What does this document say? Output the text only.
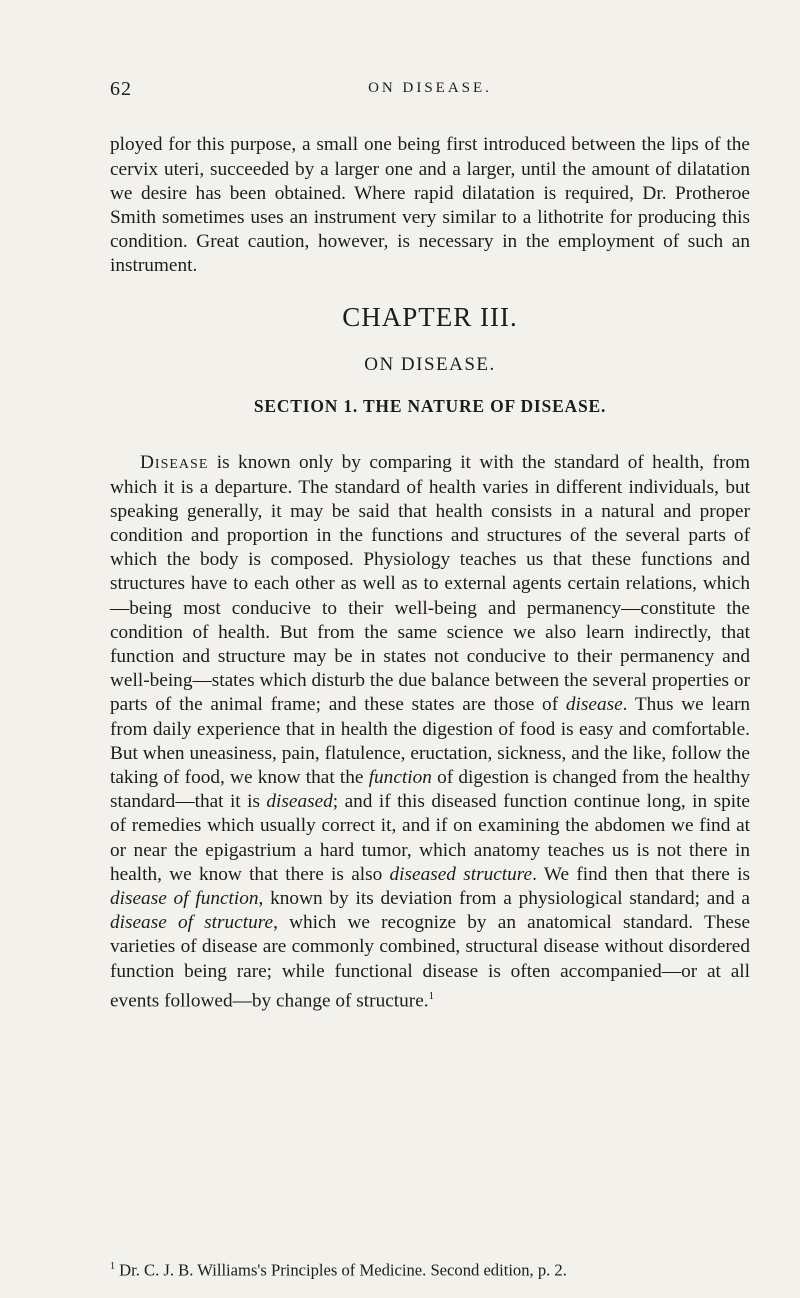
62	ON DISEASE.

ployed for this purpose, a small one being first introduced between the lips of the cervix uteri, succeeded by a larger one and a larger, until the amount of dilatation we desire has been obtained. Where rapid dilatation is required, Dr. Protheroe Smith sometimes uses an instrument very similar to a lithotrite for producing this condition. Great caution, however, is necessary in the employment of such an instrument.

CHAPTER III.
ON DISEASE.
SECTION 1. THE NATURE OF DISEASE.

Disease is known only by comparing it with the standard of health, from which it is a departure. The standard of health varies in different individuals, but speaking generally, it may be said that health consists in a natural and proper condition and proportion in the functions and structures of the several parts of which the body is composed. Physiology teaches us that these functions and structures have to each other as well as to external agents certain relations, which—being most conducive to their well-being and permanency—constitute the condition of health. But from the same science we also learn indirectly, that function and structure may be in states not conducive to their permanency and well-being—states which disturb the due balance between the several properties or parts of the animal frame; and these states are those of disease. Thus we learn from daily experience that in health the digestion of food is easy and comfortable. But when uneasiness, pain, flatulence, eructation, sickness, and the like, follow the taking of food, we know that the function of digestion is changed from the healthy standard—that it is diseased; and if this diseased function continue long, in spite of remedies which usually correct it, and if on examining the abdomen we find at or near the epigastrium a hard tumor, which anatomy teaches us is not there in health, we know that there is also diseased structure. We find then that there is disease of function, known by its deviation from a physiological standard; and a disease of structure, which we recognize by an anatomical standard. These varieties of disease are commonly combined, structural disease without disordered function being rare; while functional disease is often accompanied—or at all events followed—by change of structure.$^1$

$^1$ Dr. C. J. B. Williams's Principles of Medicine. Second edition, p. 2.
